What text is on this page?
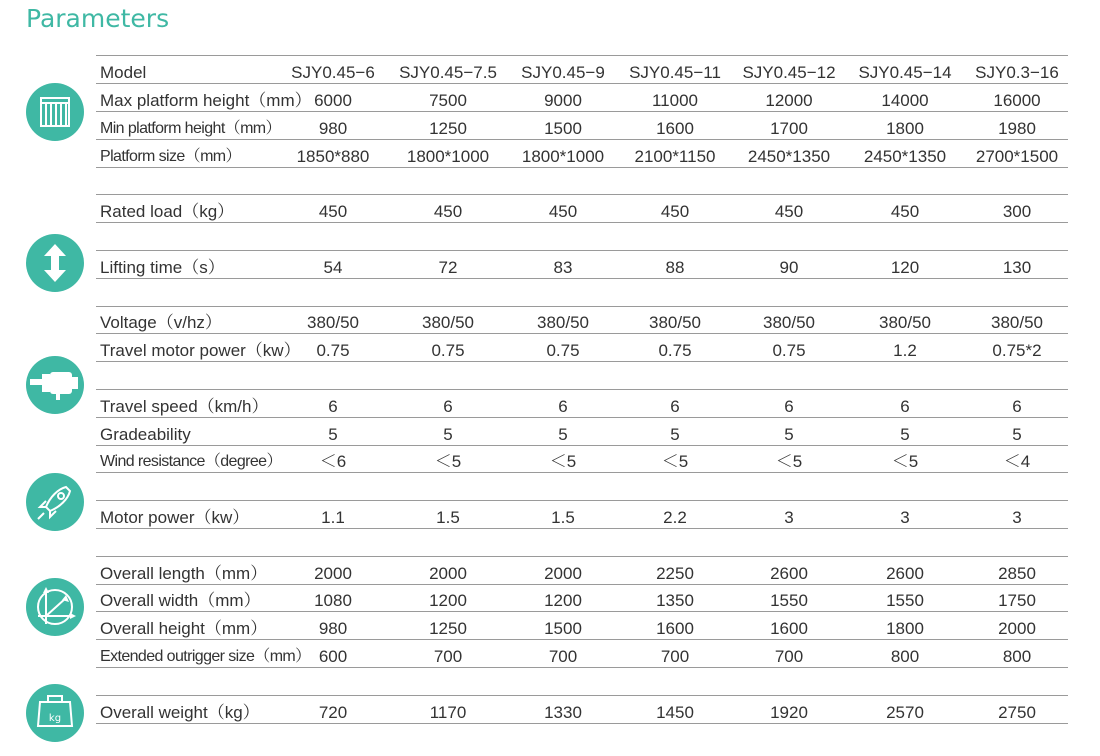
Parameters
Model	SJY0.45−6	SJY0.45−7.5	SJY0.45−9	SJY0.45−11	SJY0.45−12	SJY0.45−14	SJY0.3−16
Max platform height（mm） 6000	7500	9000	11000	12000	14000	16000
Min platform height（mm）	980	1250	1500	1600	1700	1800	1980
Platform size（mm）	1850*880	1800*1000	1800*1000	2100*1150	2450*1350	2450*1350	2700*1500
Rated load（kg）	450	450	450	450	450	450	300
Lifting time（s）	54	72	83	88	90	120	130
Voltage（v/hz）	380/50	380/50	380/50	380/50	380/50	380/50	380/50
Travel motor power（kw） 0.75	0.75	0.75	0.75	0.75	1.2	0.75*2
Travel speed（km/h）	6	6	6	6	6	6	6
Gradeability	5	5	5	5	5	5	5
Wind resistance（degree）	＜6	＜5	＜5	＜5	＜5	＜5	＜4
Motor power（kw）	1.1	1.5	1.5	2.2	3	3	3
Overall length（mm）	2000	2000	2000	2250	2600	2600	2850
Overall width（mm）	1080	1200	1200	1350	1550	1550	1750
Overall height（mm）	980	1250	1500	1600	1600	1800	2000
Extended outrigger size（mm） 600	700	700	700	700	800	800
Overall weight（kg）	720	1170	1330	1450	1920	2570	2750
kg
